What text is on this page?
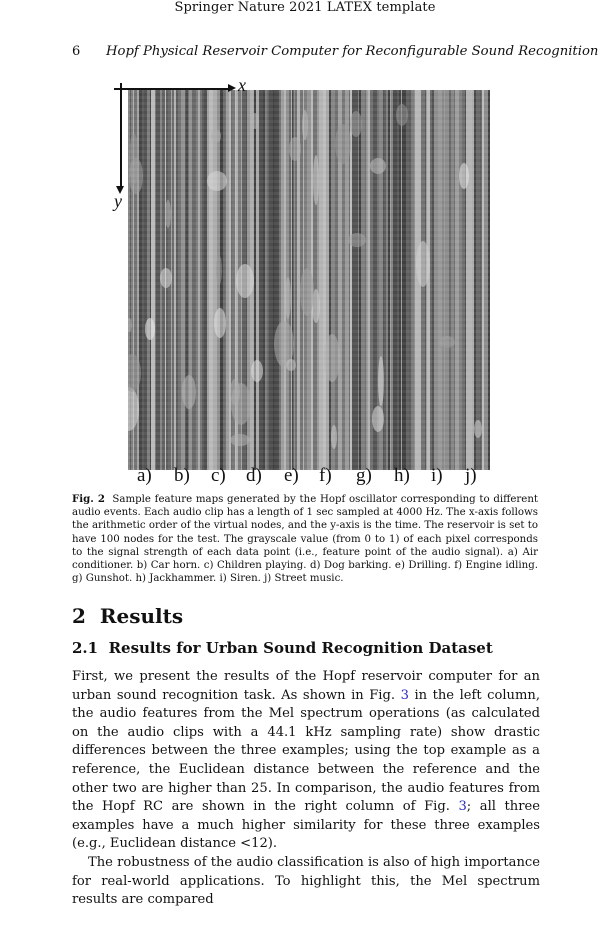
Springer Nature 2021 LATEX template
6 Hopf Physical Reservoir Computer for Reconfigurable Sound Recognition
x
y
a) b) c) d) e) f) g) h) i) j)
Fig. 2 Sample feature maps generated by the Hopf oscillator corresponding to different audio events. Each audio clip has a length of 1 sec sampled at 4000 Hz. The x-axis follows the arithmetic order of the virtual nodes, and the y-axis is the time. The reservoir is set to have 100 nodes for the test. The grayscale value (from 0 to 1) of each pixel corresponds to the signal strength of each data point (i.e., feature point of the audio signal). a) Air conditioner. b) Car horn. c) Children playing. d) Dog barking. e) Drilling. f) Engine idling. g) Gunshot. h) Jackhammer. i) Siren. j) Street music.
2 Results
2.1 Results for Urban Sound Recognition Dataset

First, we present the results of the Hopf reservoir computer for an urban sound recognition task. As shown in Fig. 3 in the left column, the audio features from the Mel spectrum operations (as calculated on the audio clips with a 44.1 kHz sampling rate) show drastic differences between the three examples; using the top example as a reference, the Euclidean distance between the reference and the other two are higher than 25. In comparison, the audio features from the Hopf RC are shown in the right column of Fig. 3; all three examples have a much higher similarity for these three examples (e.g., Euclidean distance <12).

The robustness of the audio classification is also of high importance for real-world applications. To highlight this, the Mel spectrum results are compared
